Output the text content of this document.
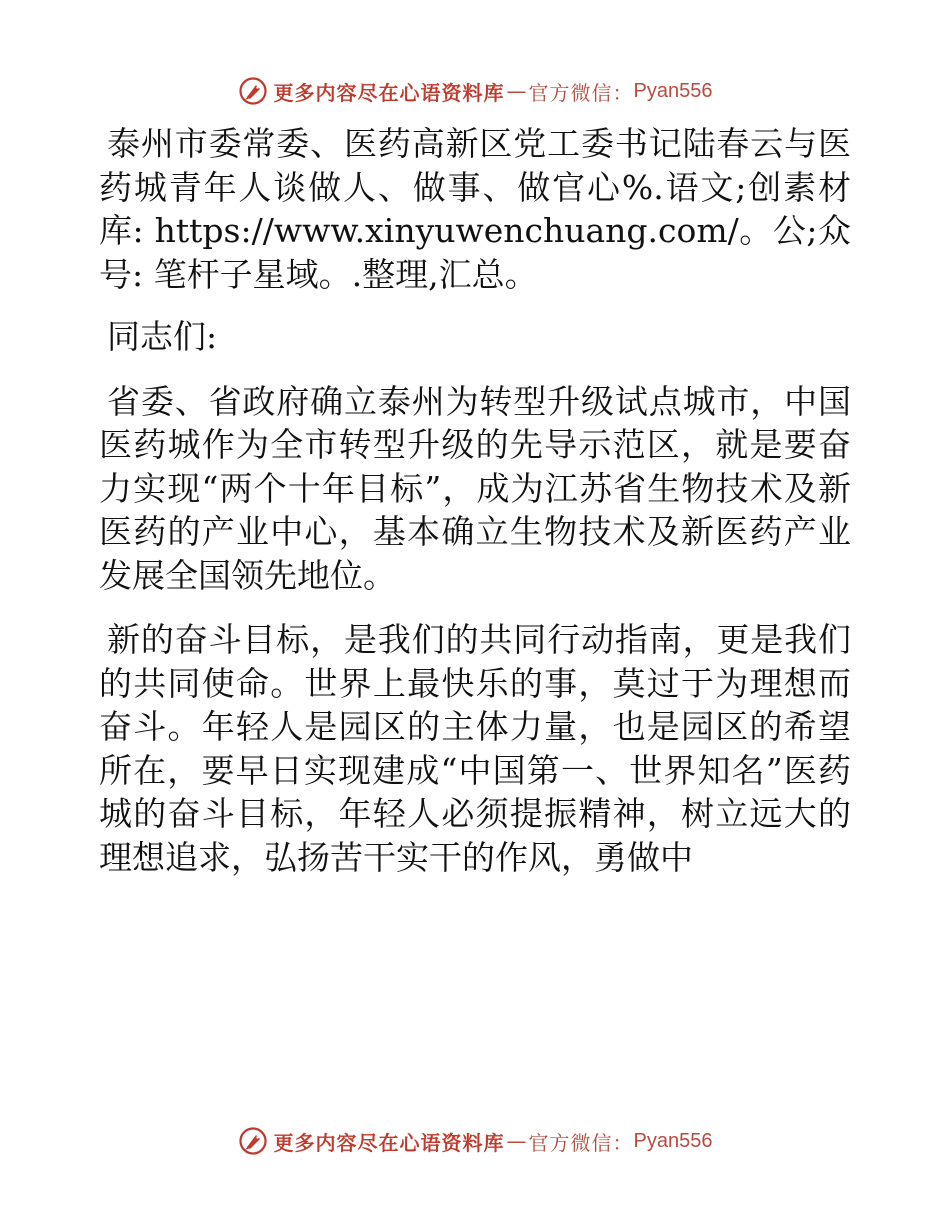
更多内容尽在心语资料库 — 官方微信： Pyan556

泰州市委常委、医药高新区党工委书记陆春云与医药城青年人谈做人、做事、做官心%.语文;创素材库: https://www.xinyuwenchuang.com/。公;众号: 笔杆子星域。.整理,汇总。

同志们:

省委、省政府确立泰州为转型升级试点城市，中国医药城作为全市转型升级的先导示范区，就是要奋力实现“两个十年目标”，成为江苏省生物技术及新医药的产业中心，基本确立生物技术及新医药产业发展全国领先地位。

新的奋斗目标，是我们的共同行动指南，更是我们的共同使命。世界上最快乐的事，莫过于为理想而奋斗。年轻人是园区的主体力量，也是园区的希望所在，要早日实现建成“中国第一、世界知名”医药城的奋斗目标，年轻人必须提振精神，树立远大的理想追求，弘扬苦干实干的作风，勇做中

更多内容尽在心语资料库 — 官方微信： Pyan556
